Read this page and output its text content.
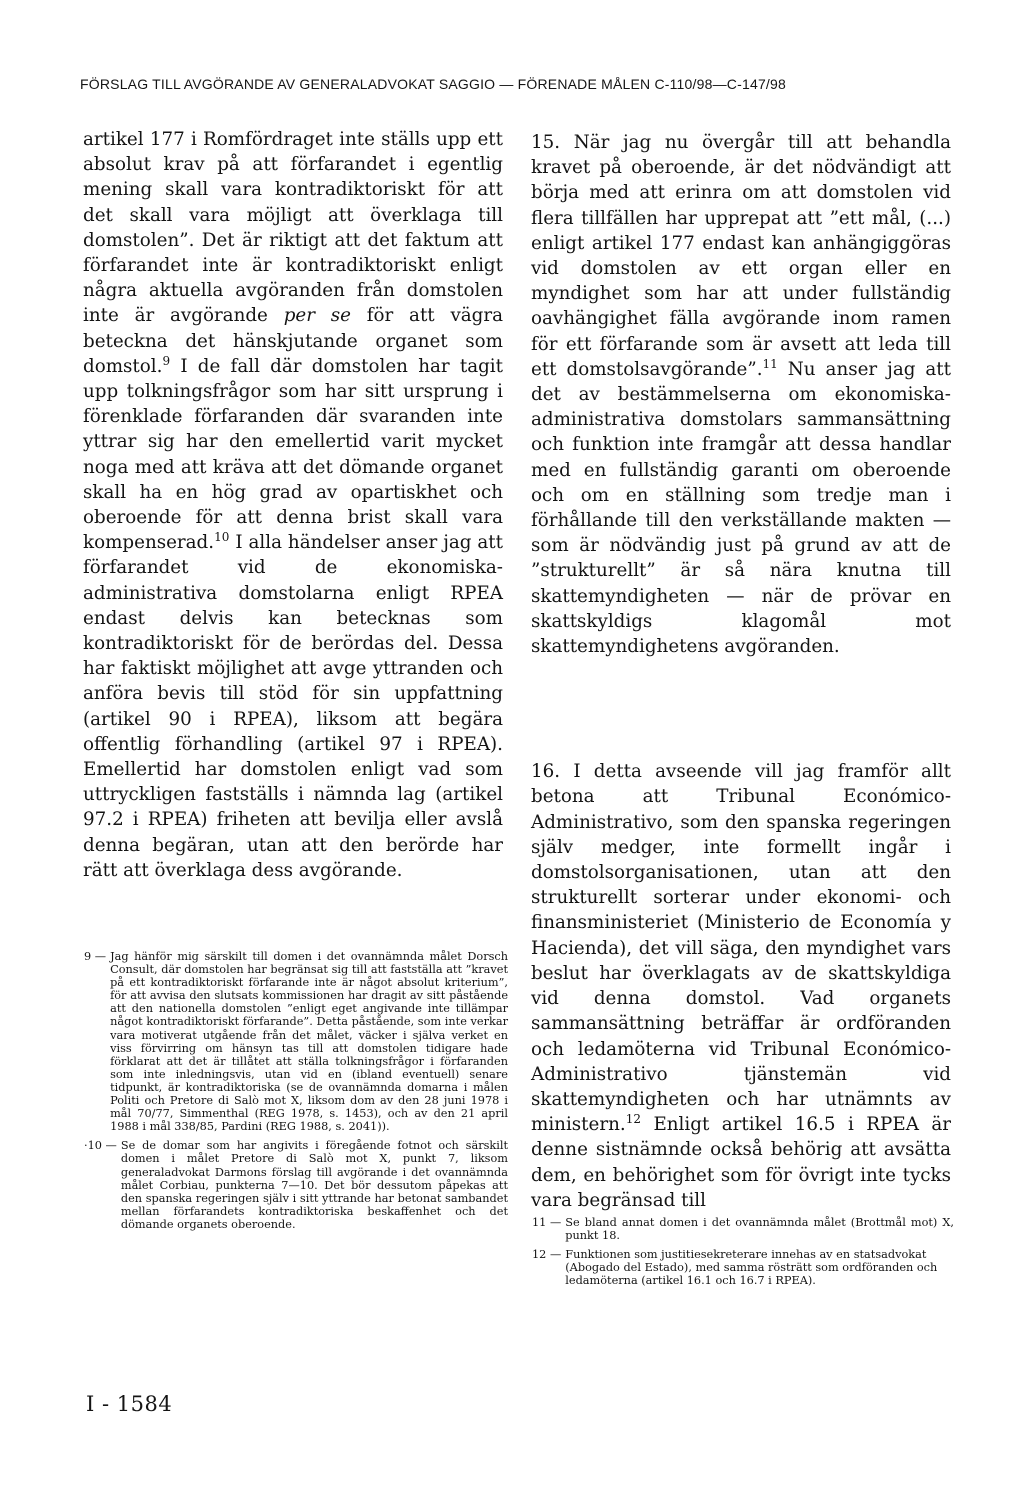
FÖRSLAG TILL AVGÖRANDE AV GENERALADVOKAT SAGGIO — FÖRENADE MÅLEN C-110/98—C-147/98

artikel 177 i Romfördraget inte ställs upp ett absolut krav på att förfarandet i egentlig mening skall vara kontradiktoriskt för att det skall vara möjligt att överklaga till domstolen”. Det är riktigt att det faktum att förfarandet inte är kontradiktoriskt enligt några aktuella avgöranden från domstolen inte är avgörande per se för att vägra beteckna det hänskjutande organet som domstol.$^9$ I de fall där domstolen har tagit upp tolkningsfrågor som har sitt ursprung i förenklade förfaranden där svaranden inte yttrar sig har den emellertid varit mycket noga med att kräva att det dömande organet skall ha en hög grad av opartiskhet och oberoende för att denna brist skall vara kompenserad.$^{10}$ I alla händelser anser jag att förfarandet vid de ekonomiska-administrativa domstolarna enligt RPEA endast delvis kan betecknas som kontradiktoriskt för de berördas del. Dessa har faktiskt möjlighet att avge yttranden och anföra bevis till stöd för sin uppfattning (artikel 90 i RPEA), liksom att begära offentlig förhandling (artikel 97 i RPEA). Emellertid har domstolen enligt vad som uttryckligen fastställs i nämnda lag (artikel 97.2 i RPEA) friheten att bevilja eller avslå denna begäran, utan att den berörde har rätt att överklaga dess avgörande.

15. När jag nu övergår till att behandla kravet på oberoende, är det nödvändigt att börja med att erinra om att domstolen vid flera tillfällen har upprepat att ”ett mål, (...) enligt artikel 177 endast kan anhängiggöras vid domstolen av ett organ eller en myndighet som har att under fullständig oavhängighet fälla avgörande inom ramen för ett förfarande som är avsett att leda till ett domstolsavgörande”.$^{11}$ Nu anser jag att det av bestämmelserna om ekonomiska-administrativa domstolars sammansättning och funktion inte framgår att dessa handlar med en fullständig garanti om oberoende och om en ställning som tredje man i förhållande till den verkställande makten — som är nödvändig just på grund av att de ”strukturellt” är så nära knutna till skattemyndigheten — när de prövar en skattskyldigs klagomål mot skattemyndighetens avgöranden.

16. I detta avseende vill jag framför allt betona att Tribunal Económico-Administrativo, som den spanska regeringen själv medger, inte formellt ingår i domstolsorganisationen, utan att den strukturellt sorterar under ekonomi- och finansministeriet (Ministerio de Economía y Hacienda), det vill säga, den myndighet vars beslut har överklagats av de skattskyldiga vid denna domstol. Vad organets sammansättning beträffar är ordföranden och ledamöterna vid Tribunal Económico-Administrativo tjänstemän vid skattemyndigheten och har utnämnts av ministern.$^{12}$ Enligt artikel 16.5 i RPEA är denne sistnämnde också behörig att avsätta dem, en behörighet som för övrigt inte tycks vara begränsad till

9 — Jag hänför mig särskilt till domen i det ovannämnda målet Dorsch Consult, där domstolen har begränsat sig till att fastställa att ”kravet på ett kontradiktoriskt förfarande inte är något absolut kriterium”, för att avvisa den slutsats kommissionen har dragit av sitt påstående att den nationella domstolen ”enligt eget angivande inte tillämpar något kontradiktoriskt förfarande”. Detta påstående, som inte verkar vara motiverat utgående från det målet, väcker i själva verket en viss förvirring om hänsyn tas till att domstolen tidigare hade förklarat att det är tillåtet att ställa tolkningsfrågor i förfaranden som inte inledningsvis, utan vid en (ibland eventuell) senare tidpunkt, är kontradiktoriska (se de ovannämnda domarna i målen Politi och Pretore di Salò mot X, liksom dom av den 28 juni 1978 i mål 70/77, Simmenthal (REG 1978, s. 1453), och av den 21 april 1988 i mål 338/85, Pardini (REG 1988, s. 2041)).
·10 — Se de domar som har angivits i föregående fotnot och särskilt domen i målet Pretore di Salò mot X, punkt 7, liksom generaladvokat Darmons förslag till avgörande i det ovannämnda målet Corbiau, punkterna 7—10. Det bör dessutom påpekas att den spanska regeringen själv i sitt yttrande har betonat sambandet mellan förfarandets kontradiktoriska beskaffenhet och det dömande organets oberoende.	11 — Se bland annat domen i det ovannämnda målet (Brottmål mot) X, punkt 18.
12 — Funktionen som justitiesekreterare innehas av en statsadvokat (Abogado del Estado), med samma rösträtt som ordföranden och ledamöterna (artikel 16.1 och 16.7 i RPEA).
I - 1584
